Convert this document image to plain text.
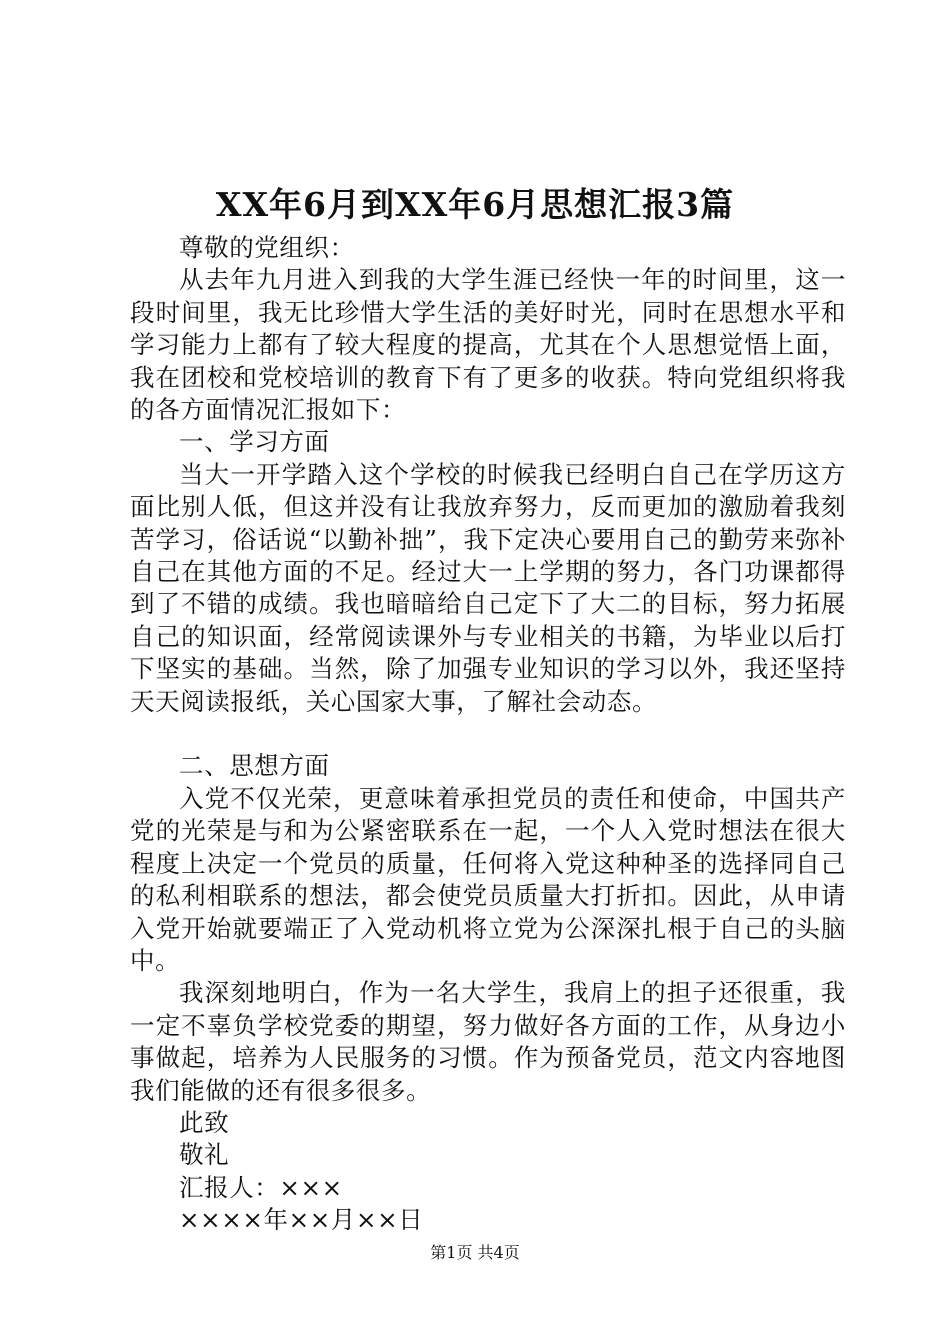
XX年6月到XX年6月思想汇报3篇

尊敬的党组织：

从去年九月进入到我的大学生涯已经快一年的时间里，这一段时间里，我无比珍惜大学生活的美好时光，同时在思想水平和学习能力上都有了较大程度的提高，尤其在个人思想觉悟上面，我在团校和党校培训的教育下有了更多的收获。特向党组织将我的各方面情况汇报如下：

一、学习方面

当大一开学踏入这个学校的时候我已经明白自己在学历这方面比别人低，但这并没有让我放弃努力，反而更加的激励着我刻苦学习，俗话说“以勤补拙”，我下定决心要用自己的勤劳来弥补自己在其他方面的不足。经过大一上学期的努力，各门功课都得到了不错的成绩。我也暗暗给自己定下了大二的目标，努力拓展自己的知识面，经常阅读课外与专业相关的书籍，为毕业以后打下坚实的基础。当然，除了加强专业知识的学习以外，我还坚持天天阅读报纸，关心国家大事，了解社会动态。

二、思想方面

入党不仅光荣，更意味着承担党员的责任和使命，中国共产党的光荣是与和为公紧密联系在一起，一个人入党时想法在很大程度上决定一个党员的质量，任何将入党这种种圣的选择同自己的私利相联系的想法，都会使党员质量大打折扣。因此，从申请入党开始就要端正了入党动机将立党为公深深扎根于自己的头脑中。

我深刻地明白，作为一名大学生，我肩上的担子还很重，我一定不辜负学校党委的期望，努力做好各方面的工作，从身边小事做起，培养为人民服务的习惯。作为预备党员，范文内容地图我们能做的还有很多很多。

此致

敬礼

汇报人：×××

××××年××月××日

第1页 共4页
